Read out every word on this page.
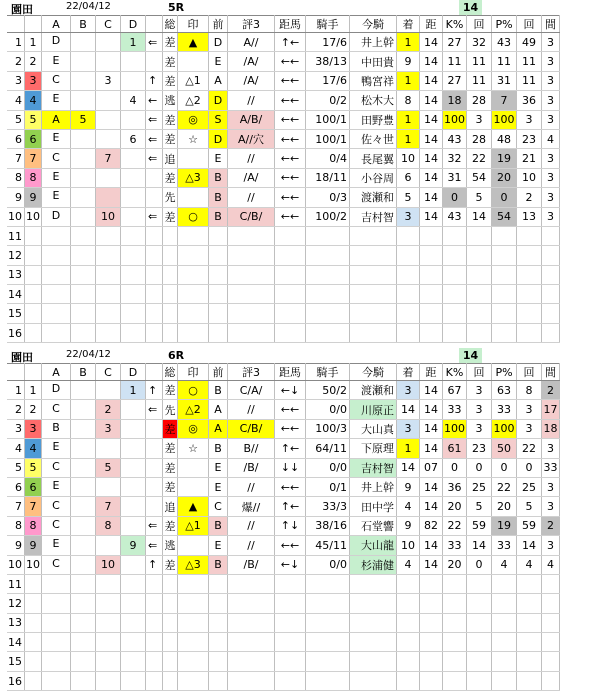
園田	22/04/12	5R	14
		A	B	C	D		総	印	前	評3	距馬	騎手	今騎	着	距	K%	回	P%	回	間
1	1	D			1	⇐	差	▲	D	A//	↑←	17/6	井上幹	1	14	27	32	43	49	3
2	2	E					差		E	/A/	←←	38/13	中田貴	9	14	11	11	11	11	3
3	3	C		3		↑	差	△1	A	/A/	←←	17/6	鴨宮祥	1	14	27	11	31	11	3
4	4	E			4	←	逃	△2	D	//	←←	0/2	松木大	8	14	18	28	7	36	3
5	5	A	5			⇐	差	◎	S	A/B/	←←	100/1	田野豊	1	14	100	3	100	3	3
6	6	E			6	⇐	差	☆	D	A//穴	←←	100/1	佐々世	1	14	43	28	48	23	4
7	7	C		7		⇐	追		E	//	←←	0/4	長尾翼	10	14	32	22	19	21	3
8	8	E					差	△3	B	/A/	←←	18/11	小谷周	6	14	31	54	20	10	3
9	9	E					先		B	//	←←	0/3	渡瀬和	5	14	0	5	0	2	3
10	10	D		10		⇐	差	○	B	C/B/	←←	100/2	吉村智	3	14	43	14	54	13	3
11																				
12																				
13																				
14																				
15																				
16																				
園田	22/04/12	6R	14
		A	B	C	D		総	印	前	評3	距馬	騎手	今騎	着	距	K%	回	P%	回	間
1	1	D			1	↑	差	○	B	C/A/	←↓	50/2	渡瀬和	3	14	67	3	63	8	2
2	2	C		2		⇐	先	△2	A	//	←←	0/0	川原正	14	14	33	3	33	3	17
3	3	B		3			差	◎	A	C/B/	←←	100/3	大山真	3	14	100	3	100	3	18
4	4	E					差	☆	B	B//	↑←	64/11	下原理	1	14	61	23	50	22	3
5	5	C		5			差		E	/B/	↓↓	0/0	吉村智	14	07	0	0	0	0	33
6	6	E					差		E	//	←←	0/1	井上幹	9	14	36	25	22	25	3
7	7	C		7			追	▲	C	爆//	↑←	33/3	田中学	4	14	20	5	20	5	3
8	8	C		8		⇐	差	△1	B	//	↑↓	38/16	石堂響	9	82	22	59	19	59	2
9	9	E			9	⇐	逃		E	//	←←	45/11	大山龍	10	14	33	14	33	14	3
10	10	C		10		↑	差	△3	B	/B/	←↓	0/0	杉浦健	4	14	20	0	4	4	4
11																				
12																				
13																				
14																				
15																				
16																				
